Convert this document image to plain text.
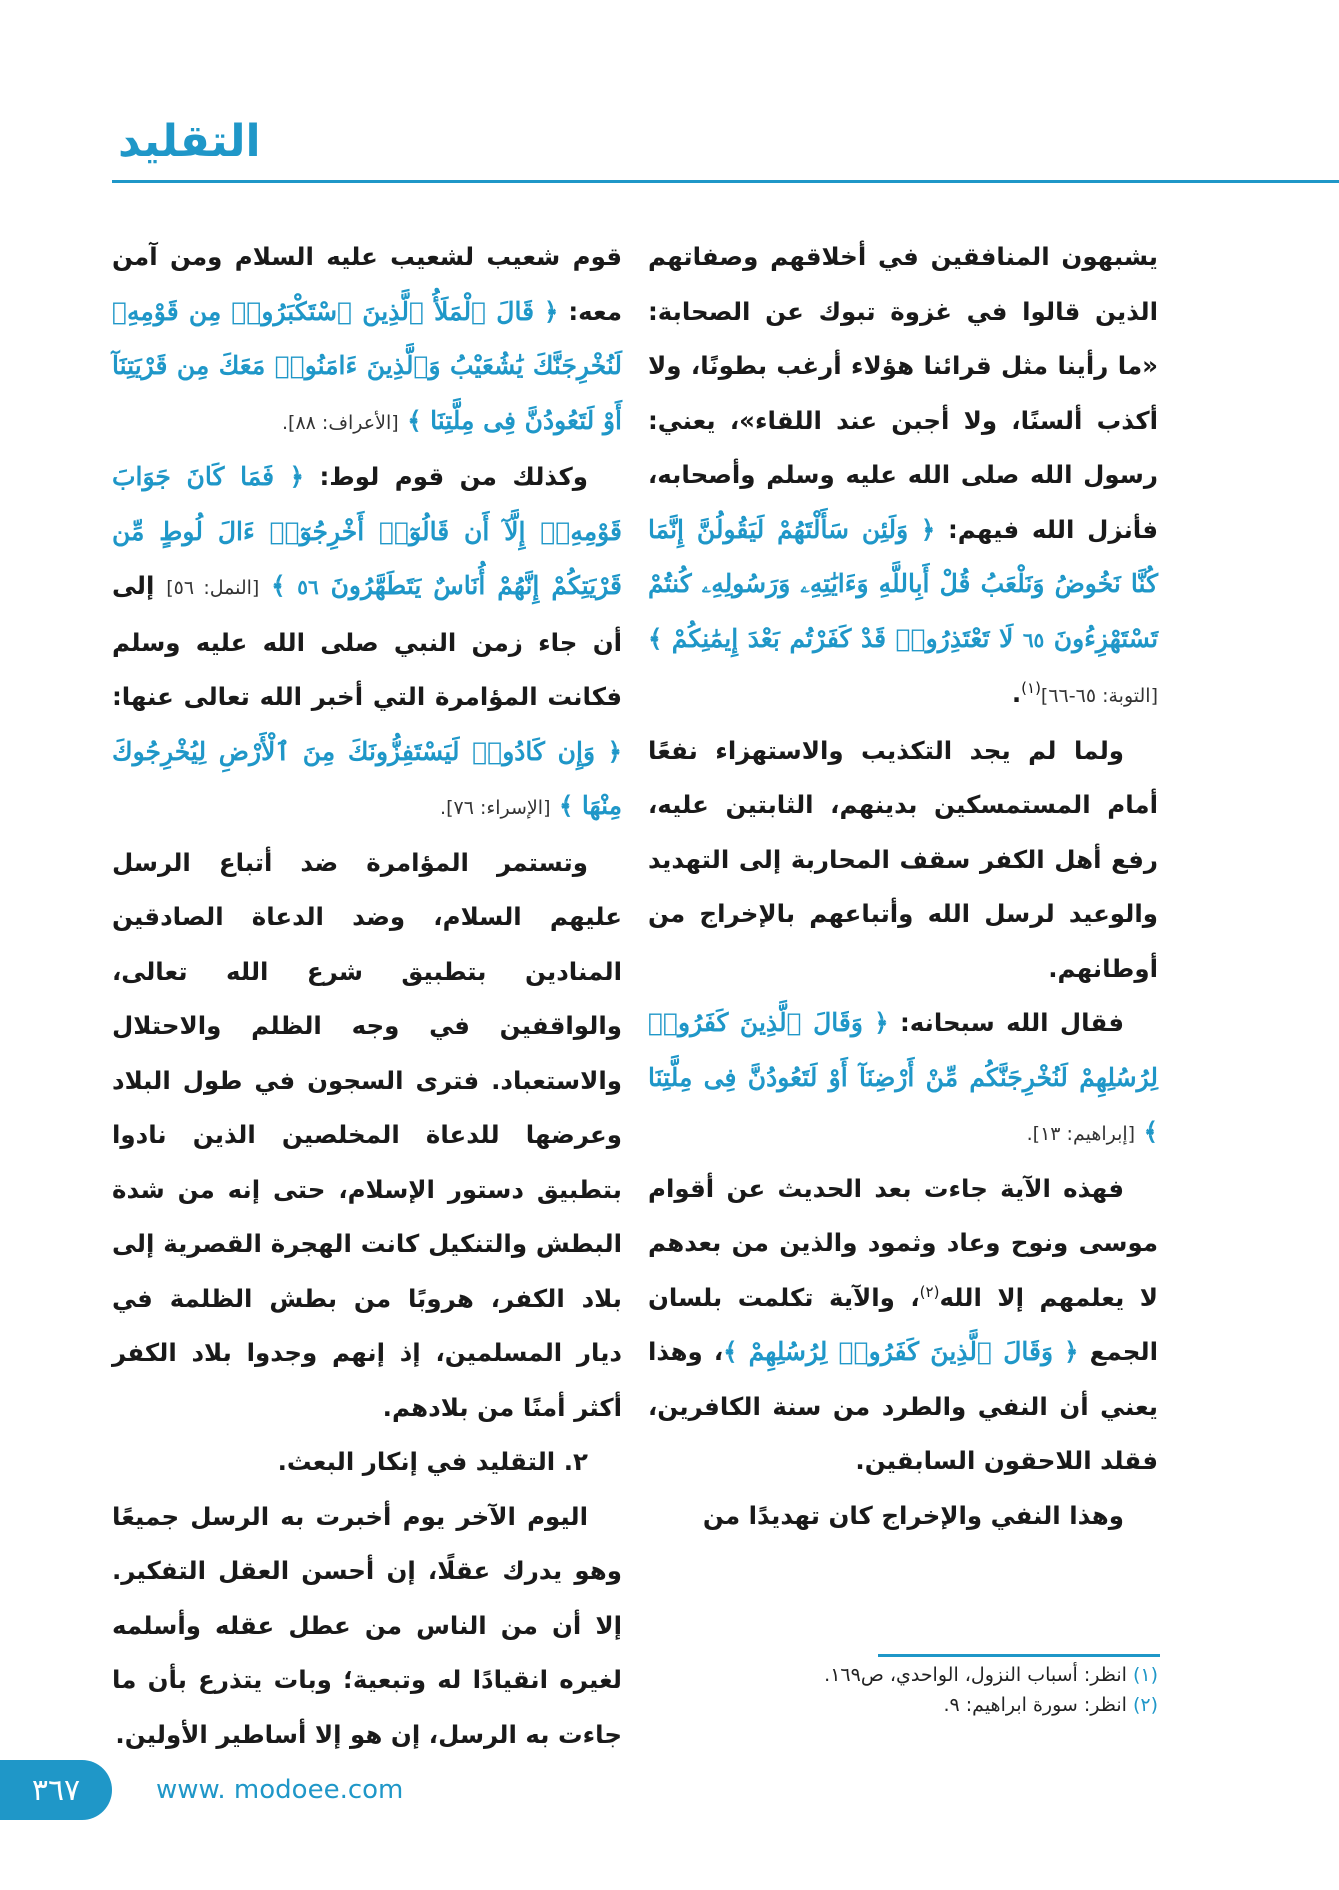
التقليد

يشبهون المنافقين في أخلاقهم وصفاتهم الذين قالوا في غزوة تبوك عن الصحابة: «ما رأينا مثل قرائنا هؤلاء أرغب بطونًا، ولا أكذب ألسنًا، ولا أجبن عند اللقاء»، يعني: رسول الله صلى الله عليه وسلم وأصحابه، فأنزل الله فيهم: ﴿ وَلَئِن سَأَلْتَهُمْ لَيَقُولُنَّ إِنَّمَا كُنَّا نَخُوضُ وَنَلْعَبُ قُلْ أَبِاللَّهِ وَءَايَٰتِهِۦ وَرَسُولِهِۦ كُنتُمْ تَسْتَهْزِءُونَ ٦٥ لَا تَعْتَذِرُوا۟ قَدْ كَفَرْتُم بَعْدَ إِيمَٰنِكُمْ ﴾ [التوبة: ٦٥-٦٦]$^{(١)}$.

ولما لم يجد التكذيب والاستهزاء نفعًا أمام المستمسكين بدينهم، الثابتين عليه، رفع أهل الكفر سقف المحاربة إلى التهديد والوعيد لرسل الله وأتباعهم بالإخراج من أوطانهم.

فقال الله سبحانه: ﴿ وَقَالَ ٱلَّذِينَ كَفَرُوا۟ لِرُسُلِهِمْ لَنُخْرِجَنَّكُم مِّنْ أَرْضِنَآ أَوْ لَتَعُودُنَّ فِى مِلَّتِنَا ﴾ [إبراهيم: ١٣].

فهذه الآية جاءت بعد الحديث عن أقوام موسى ونوح وعاد وثمود والذين من بعدهم لا يعلمهم إلا الله$^{(٢)}$، والآية تكلمت بلسان الجمع ﴿ وَقَالَ ٱلَّذِينَ كَفَرُوا۟ لِرُسُلِهِمْ ﴾، وهذا يعني أن النفي والطرد من سنة الكافرين، فقلد اللاحقون السابقين.

وهذا النفي والإخراج كان تهديدًا من

قوم شعيب لشعيب عليه السلام ومن آمن معه: ﴿ قَالَ ٱلْمَلَأُ ٱلَّذِينَ ٱسْتَكْبَرُوا۟ مِن قَوْمِهِۦ لَنُخْرِجَنَّكَ يَٰشُعَيْبُ وَٱلَّذِينَ ءَامَنُوا۟ مَعَكَ مِن قَرْيَتِنَآ أَوْ لَتَعُودُنَّ فِى مِلَّتِنَا ﴾ [الأعراف: ٨٨].

وكذلك من قوم لوط: ﴿ فَمَا كَانَ جَوَابَ قَوْمِهِۦٓ إِلَّآ أَن قَالُوٓا۟ أَخْرِجُوٓا۟ ءَالَ لُوطٍ مِّن قَرْيَتِكُمْ إِنَّهُمْ أُنَاسٌ يَتَطَهَّرُونَ ٥٦ ﴾ [النمل: ٥٦] إلى أن جاء زمن النبي صلى الله عليه وسلم فكانت المؤامرة التي أخبر الله تعالى عنها: ﴿ وَإِن كَادُوا۟ لَيَسْتَفِزُّونَكَ مِنَ ٱلْأَرْضِ لِيُخْرِجُوكَ مِنْهَا ﴾ [الإسراء: ٧٦].

وتستمر المؤامرة ضد أتباع الرسل عليهم السلام، وضد الدعاة الصادقين المنادين بتطبيق شرع الله تعالى، والواقفين في وجه الظلم والاحتلال والاستعباد. فترى السجون في طول البلاد وعرضها للدعاة المخلصين الذين نادوا بتطبيق دستور الإسلام، حتى إنه من شدة البطش والتنكيل كانت الهجرة القصرية إلى بلاد الكفر، هروبًا من بطش الظلمة في ديار المسلمين، إذ إنهم وجدوا بلاد الكفر أكثر أمنًا من بلادهم.

٢. التقليد في إنكار البعث.

اليوم الآخر يوم أخبرت به الرسل جميعًا وهو يدرك عقلًا، إن أحسن العقل التفكير. إلا أن من الناس من عطل عقله وأسلمه لغيره انقيادًا له وتبعية؛ وبات يتذرع بأن ما جاءت به الرسل، إن هو إلا أساطير الأولين.

(١) انظر: أسباب النزول، الواحدي، ص١٦٩.
(٢) انظر: سورة ابراهيم: ٩.
٣٦٧	www. modoee.com
